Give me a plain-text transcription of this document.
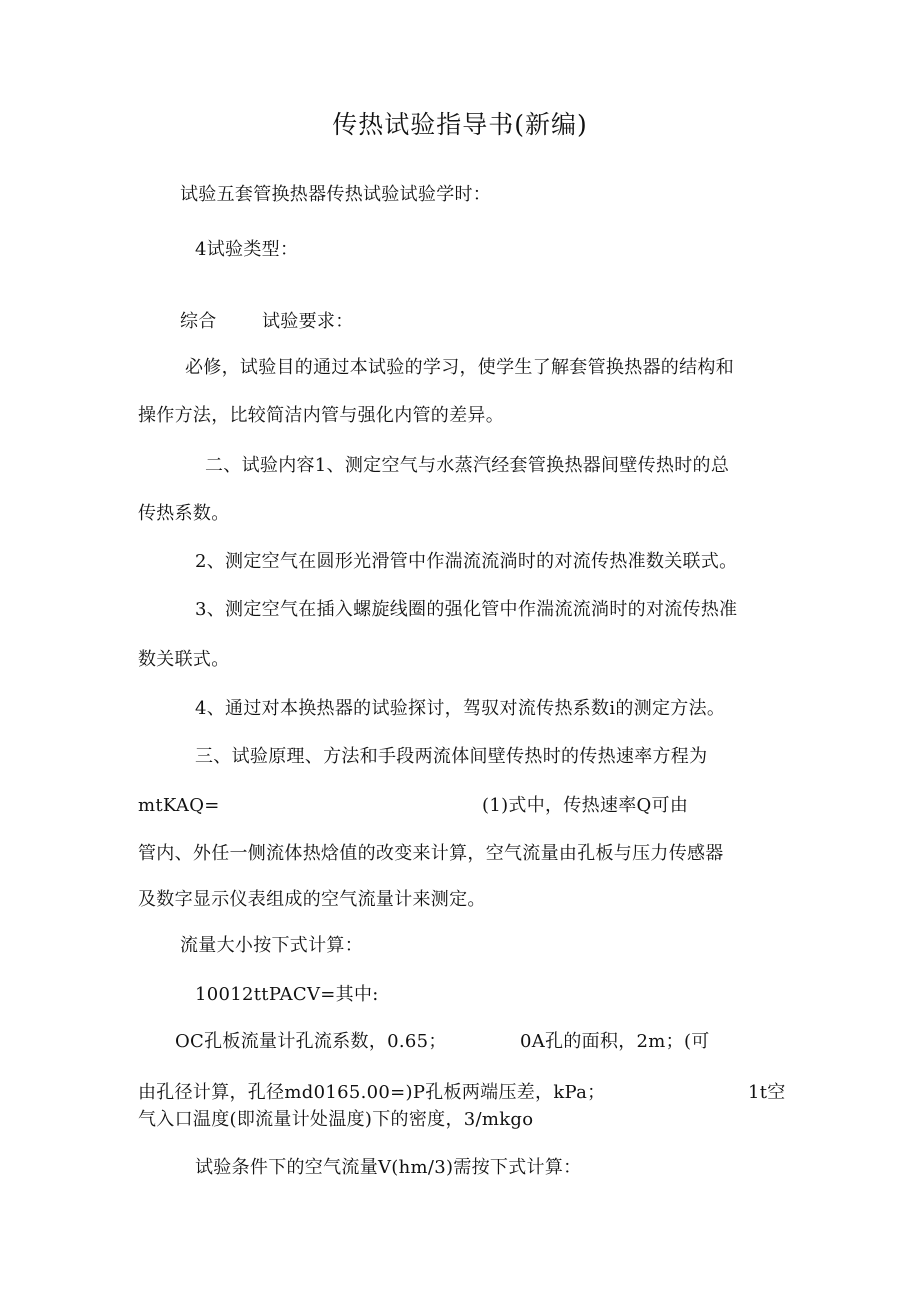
传热试验指导书(新编)
试验五套管换热器传热试验试验学时：
4试验类型：
综合	试验要求：
必修，试验目的通过本试验的学习，使学生了解套管换热器的结构和
操作方法，比较简洁内管与强化内管的差异。
二、试验内容1、测定空气与水蒸汽经套管换热器间壁传热时的总
传热系数。
2、测定空气在圆形光滑管中作湍流流淌时的对流传热准数关联式。
3、测定空气在插入螺旋线圈的强化管中作湍流流淌时的对流传热准
数关联式。
4、通过对本换热器的试验探讨，驾驭对流传热系数i的测定方法。
三、试验原理、方法和手段两流体间壁传热时的传热速率方程为
mtKAQ=	(1)式中，传热速率Q可由
管内、外任一侧流体热焓值的改变来计算，空气流量由孔板与压力传感器
及数字显示仪表组成的空气流量计来测定。
流量大小按下式计算：
10012ttPACV=其中:
OC孔板流量计孔流系数，0.65；	0A孔的面积，2m；(可
由孔径计算，孔径md0165.00=)P孔板两端压差，kPa；	1t空
气入口温度(即流量计处温度)下的密度，3/mkgo
试验条件下的空气流量V(hm/3)需按下式计算：
